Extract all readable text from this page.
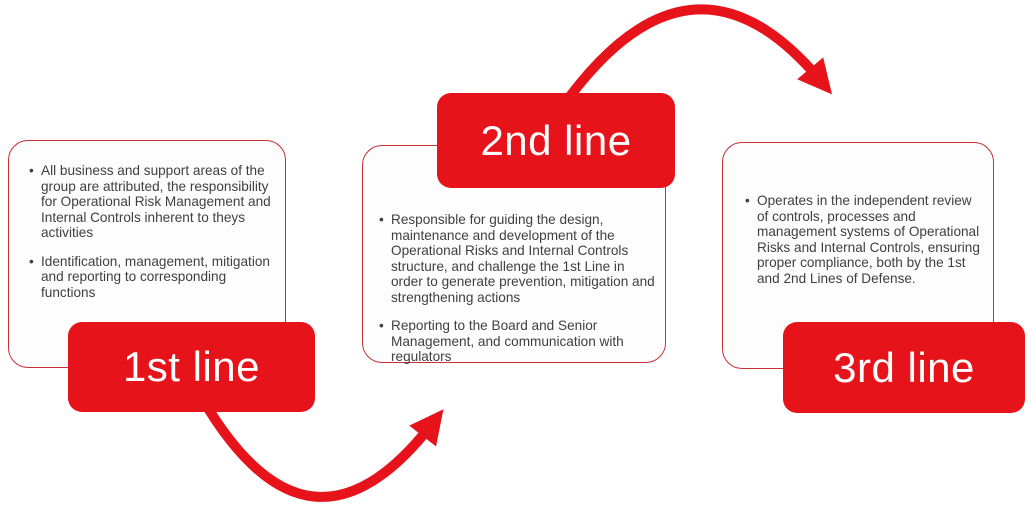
• All business and support areas of the group are attributed, the responsibility for Operational Risk Management and Internal Controls inherent to theys activities
• Identification, management, mitigation and reporting to corresponding functions
• Responsible for guiding the design, maintenance and development of the Operational Risks and Internal Controls structure, and challenge the 1st Line in order to generate prevention, mitigation and strengthening actions
• Reporting to the Board and Senior Management, and communication with regulators
• Operates in the independent review of controls, processes and management systems of Operational Risks and Internal Controls, ensuring proper compliance, both by the 1st and 2nd Lines of Defense.
1st line
2nd line
3rd line
